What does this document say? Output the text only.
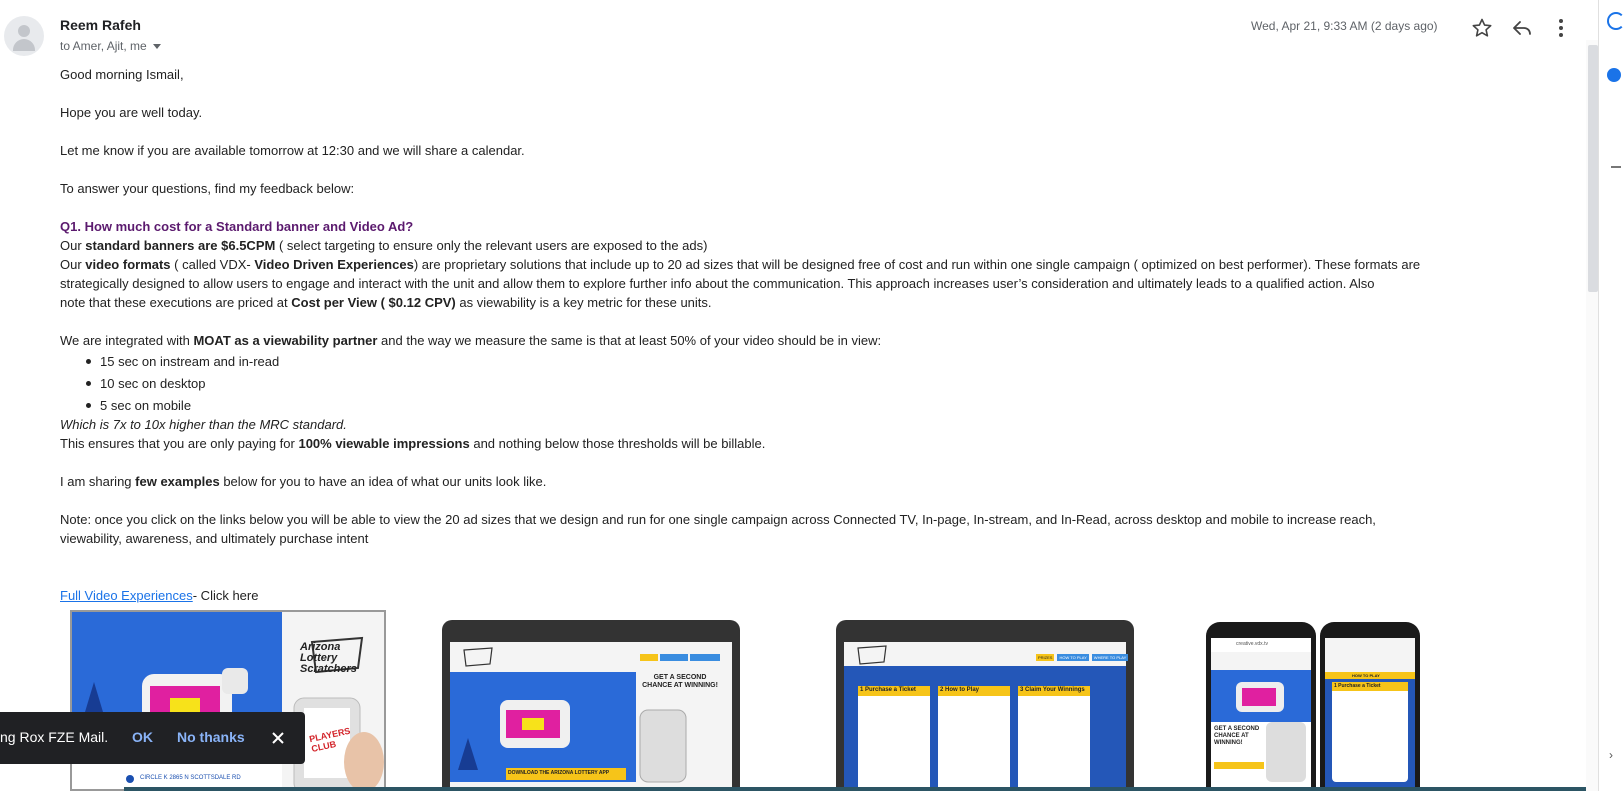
Reem Rafeh
to Amer, Ajit, me
Wed, Apr 21, 9:33 AM (2 days ago)
Good morning Ismail,
Hope you are well today.
Let me know if you are available tomorrow at 12:30 and we will share a calendar.
To answer your questions, find my feedback below:
Q1. How much cost for a Standard banner and Video Ad?
Our standard banners are $6.5CPM ( select targeting to ensure only the relevant users are exposed to the ads)
Our video formats ( called VDX- Video Driven Experiences) are proprietary solutions that include up to 20 ad sizes that will be designed free of cost and run within one single campaign ( optimized on best performer). These formats are
strategically designed to allow users to engage and interact with the unit and allow them to explore further info about the communication. This approach increases user’s consideration and ultimately leads to a qualified action. Also
note that these executions are priced at Cost per View ( $0.12 CPV) as viewability is a key metric for these units.
We are integrated with MOAT as a viewability partner and the way we measure the same is that at least 50% of your video should be in view:
15 sec on instream and in-read
10 sec on desktop
5 sec on mobile
Which is 7x to 10x higher than the MRC standard.
This ensures that you are only paying for 100% viewable impressions and nothing below those thresholds will be billable.
I am sharing few examples below for you to have an idea of what our units look like.
Note: once you click on the links below you will be able to view the 20 ad sizes that we design and run for one single campaign across Connected TV, In-page, In-stream, and In-Read, across desktop and mobile to increase reach,
viewability, awareness, and ultimately purchase intent
Full Video Experiences- Click here
Arizona Lottery Scratchers
PLAYERS CLUB
CIRCLE K 2865 N SCOTTSDALE RD
GET A SECOND CHANCE AT WINNING!
DOWNLOAD THE ARIZONA LOTTERY APP
1 Purchase a Ticket	2 How to Play	3 Claim Your Winnings
PRIZES	HOW TO PLAY	WHERE TO PLAY
creative.vdx.tv
GET A SECOND CHANCE AT WINNING!
HOW TO PLAY
1 Purchase a Ticket
›
ng Rox FZE Mail. OK No thanks
